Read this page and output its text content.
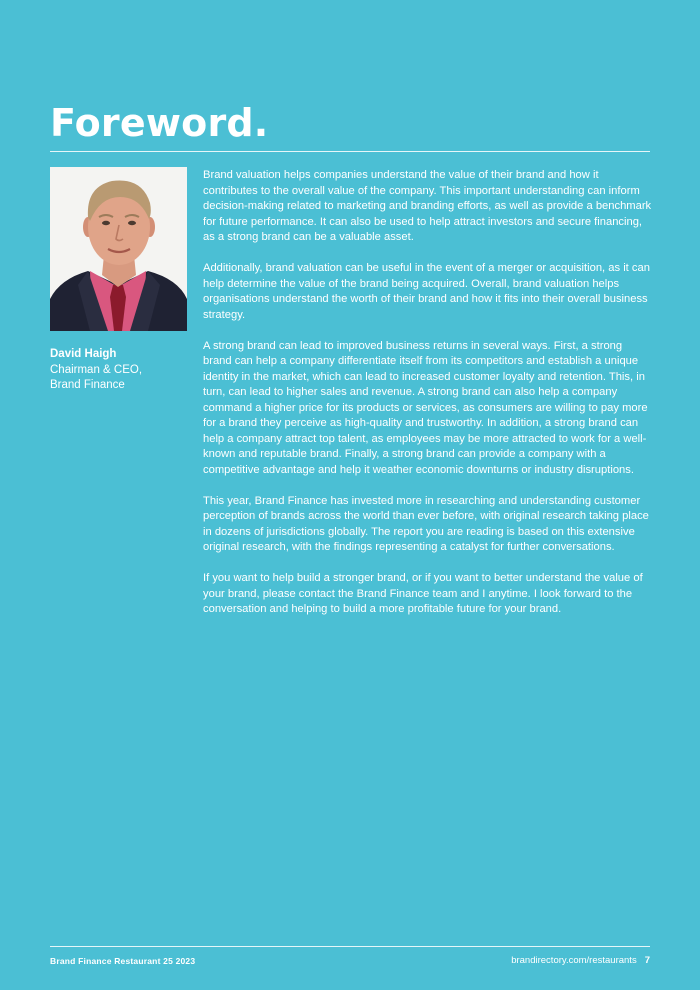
Foreword.
David Haigh
Chairman & CEO,
Brand Finance

Brand valuation helps companies understand the value of their brand and how it contributes to the overall value of the company. This important understanding can inform decision-making related to marketing and branding efforts, as well as provide a benchmark for future performance. It can also be used to help attract investors and secure financing, as a strong brand can be a valuable asset.

Additionally, brand valuation can be useful in the event of a merger or acquisition, as it can help determine the value of the brand being acquired. Overall, brand valuation helps organisations understand the worth of their brand and how it fits into their overall business strategy.

A strong brand can lead to improved business returns in several ways. First, a strong brand can help a company differentiate itself from its competitors and establish a unique identity in the market, which can lead to increased customer loyalty and retention. This, in turn, can lead to higher sales and revenue. A strong brand can also help a company command a higher price for its products or services, as consumers are willing to pay more for a brand they perceive as high-quality and trustworthy. In addition, a strong brand can help a company attract top talent, as employees may be more attracted to work for a well-known and reputable brand. Finally, a strong brand can provide a company with a competitive advantage and help it weather economic downturns or industry disruptions.

This year, Brand Finance has invested more in researching and understanding customer perception of brands across the world than ever before, with original research taking place in dozens of jurisdictions globally. The report you are reading is based on this extensive original research, with the findings representing a catalyst for further conversations.

If you want to help build a stronger brand, or if you want to better understand the value of your brand, please contact the Brand Finance team and I anytime. I look forward to the conversation and helping to build a more profitable future for your brand.

Brand Finance Restaurant 25 2023	brandirectory.com/restaurants 7
